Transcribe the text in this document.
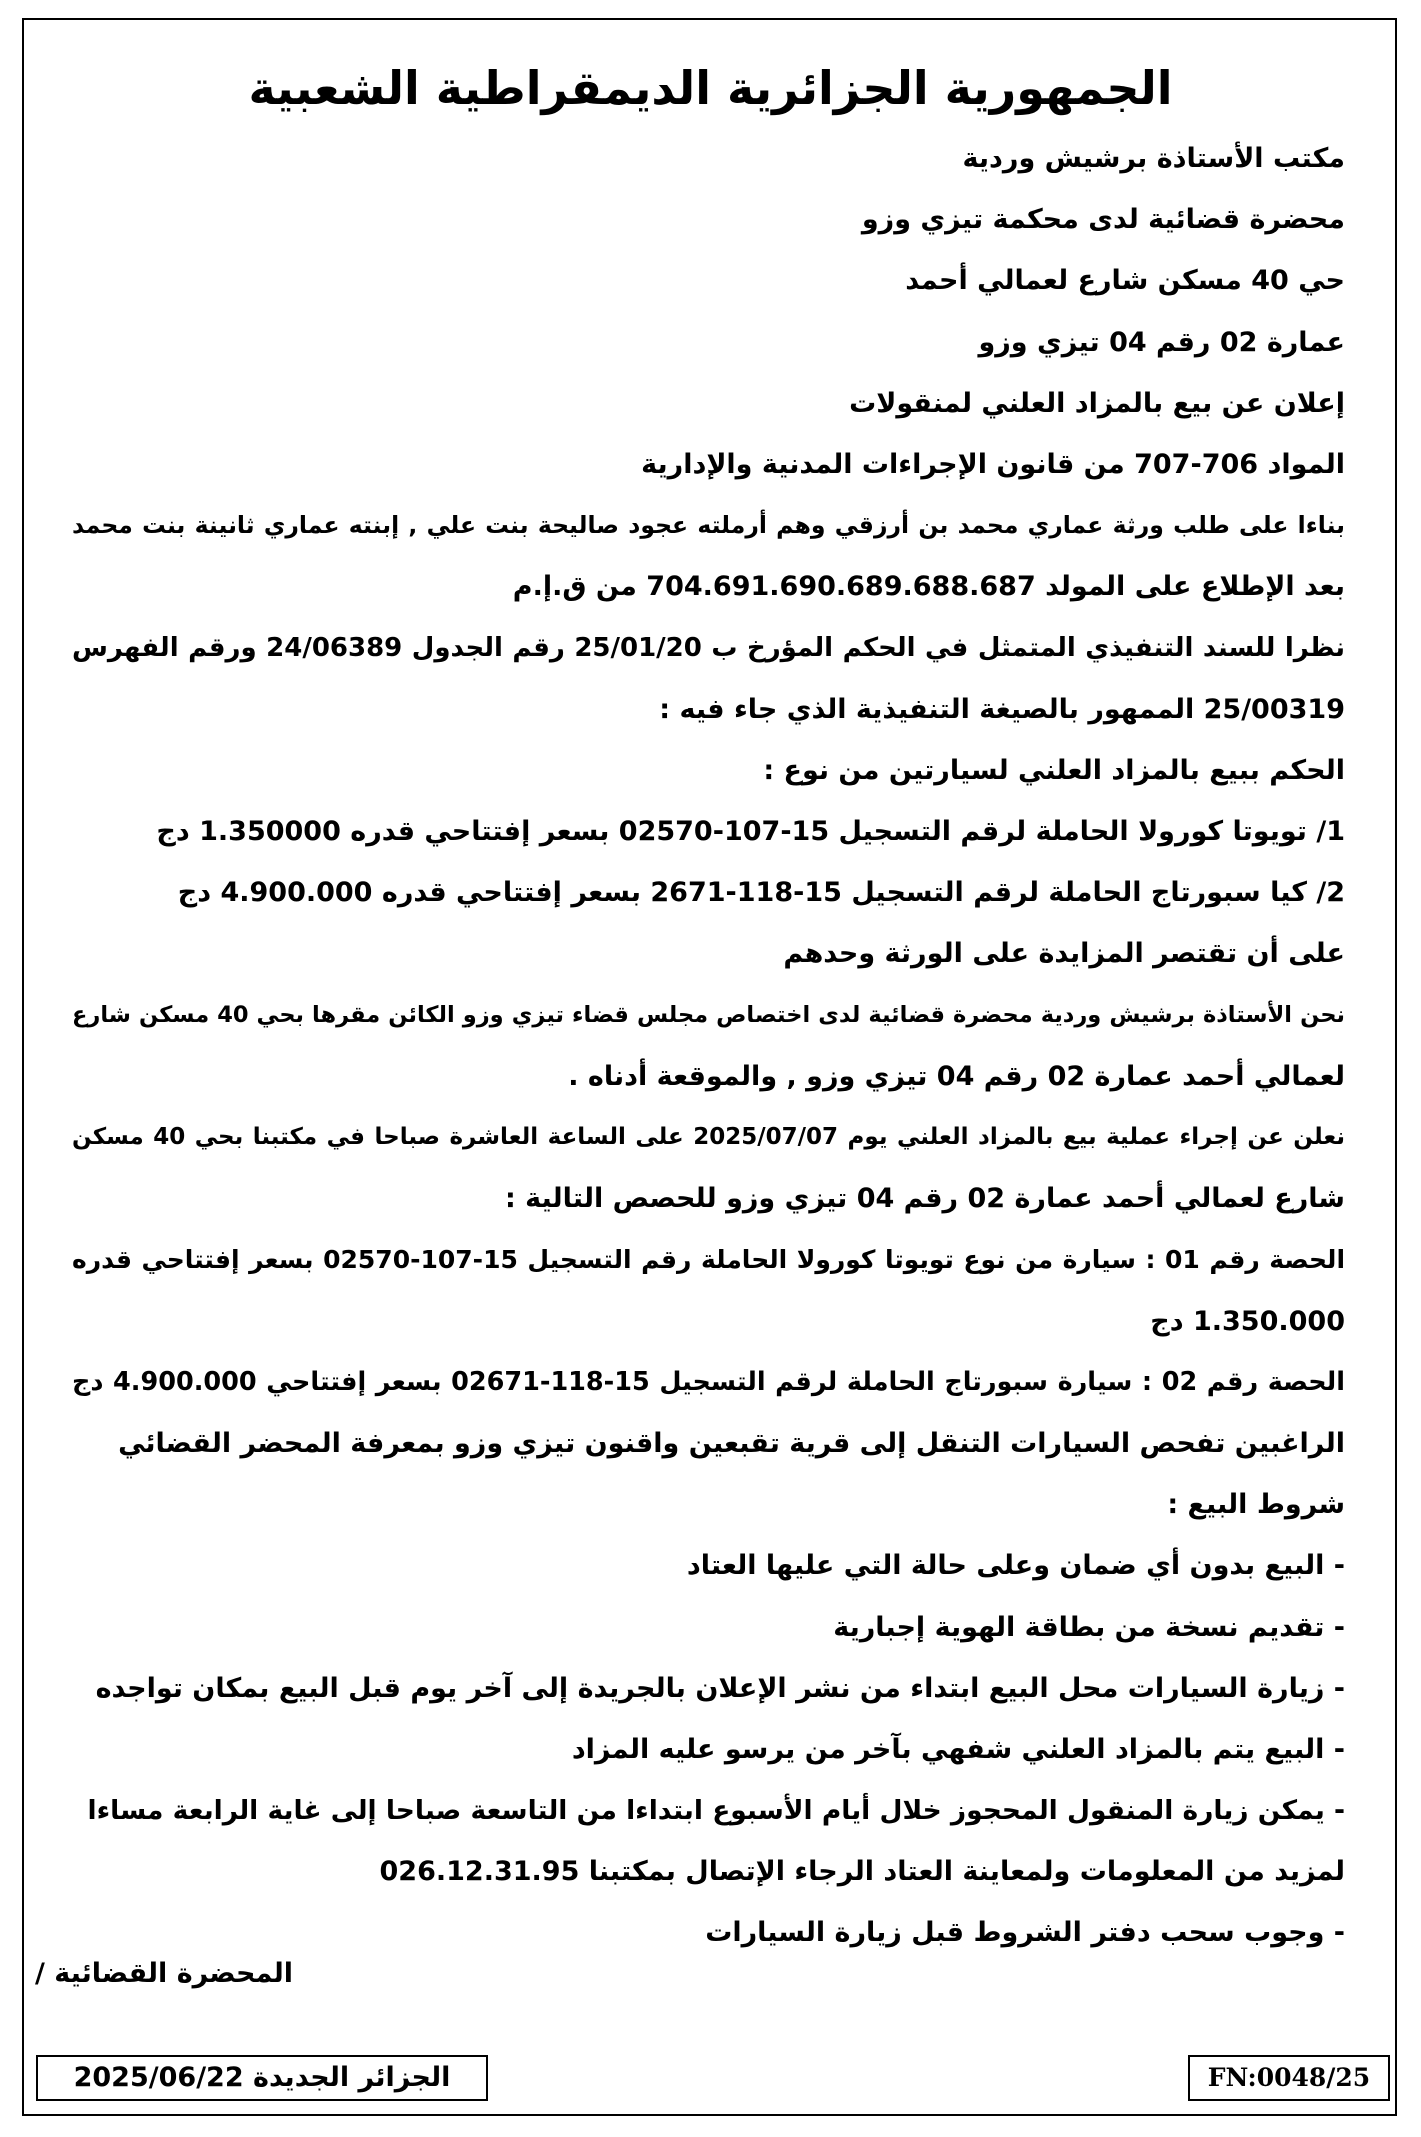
الجمهورية الجزائرية الديمقراطية الشعبية
مكتب الأستاذة برشيش وردية
محضرة قضائية لدى محكمة تيزي وزو
حي 40 مسكن شارع لعمالي أحمد
عمارة 02 رقم 04 تيزي وزو
إعلان عن بيع بالمزاد العلني لمنقولات
المواد 706-707 من قانون الإجراءات المدنية والإدارية
بناءا على طلب ورثة عماري محمد بن أرزقي وهم أرملته عجود صاليحة بنت علي , إبنته عماري ثانينة بنت محمد
بعد الإطلاع على المولد 704.691.690.689.688.687 من ق.إ.م
نظرا للسند التنفيذي المتمثل في الحكم المؤرخ ب 25/01/20 رقم الجدول 24/06389 ورقم الفهرس
25/00319 الممهور بالصيغة التنفيذية الذي جاء فيه :
الحكم ببيع بالمزاد العلني لسيارتين من نوع :
1/ تويوتا كورولا الحاملة لرقم التسجيل 15-107-02570 بسعر إفتتاحي قدره 1.350000 دج
2/ كيا سبورتاج الحاملة لرقم التسجيل 15-118-2671 بسعر إفتتاحي قدره 4.900.000 دج
على أن تقتصر المزايدة على الورثة وحدهم
نحن الأستاذة برشيش وردية محضرة قضائية لدى اختصاص مجلس قضاء تيزي وزو الكائن مقرها بحي 40 مسكن شارع
لعمالي أحمد عمارة 02 رقم 04 تيزي وزو , والموقعة أدناه .
نعلن عن إجراء عملية بيع بالمزاد العلني يوم 2025/07/07 على الساعة العاشرة صباحا في مكتبنا بحي 40 مسكن
شارع لعمالي أحمد عمارة 02 رقم 04 تيزي وزو للحصص التالية :
الحصة رقم 01 : سيارة من نوع تويوتا كورولا الحاملة رقم التسجيل 15-107-02570 بسعر إفتتاحي قدره
1.350.000 دج
الحصة رقم 02 : سيارة سبورتاج الحاملة لرقم التسجيل 15-118-02671 بسعر إفتتاحي 4.900.000 دج
الراغبين تفحص السيارات التنقل إلى قرية تقبعين واقنون تيزي وزو بمعرفة المحضر القضائي
شروط البيع :
- البيع بدون أي ضمان وعلى حالة التي عليها العتاد
- تقديم نسخة من بطاقة الهوية إجبارية
- زيارة السيارات محل البيع ابتداء من نشر الإعلان بالجريدة إلى آخر يوم قبل البيع بمكان تواجده
- البيع يتم بالمزاد العلني شفهي بآخر من يرسو عليه المزاد
- يمكن زيارة المنقول المحجوز خلال أيام الأسبوع ابتداءا من التاسعة صباحا إلى غاية الرابعة مساءا
لمزيد من المعلومات ولمعاينة العتاد الرجاء الإتصال بمكتبنا 026.12.31.95
- وجوب سحب دفتر الشروط قبل زيارة السيارات
المحضرة القضائية /
الجزائر الجديدة 2025/06/22	FN:0048/25
